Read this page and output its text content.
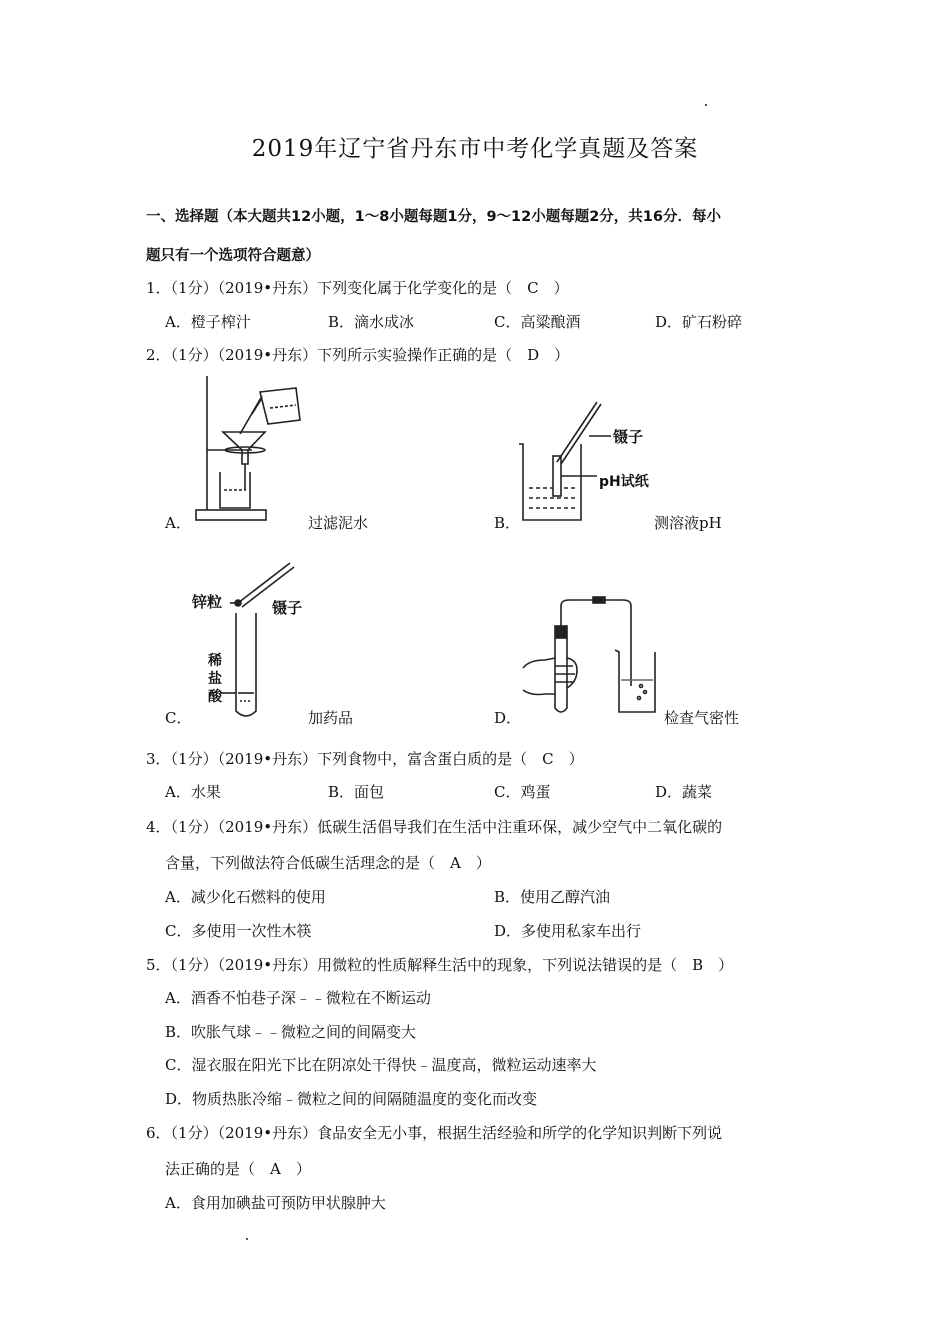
2019年辽宁省丹东市中考化学真题及答案
一、选择题（本大题共12小题，1～8小题每题1分，9～12小题每题2分，共16分．每小
题只有一个选项符合题意）
1．（1分）（2019•丹东）下列变化属于化学变化的是（　C　）
A．橙子榨汁	B．滴水成冰	C．高粱酿酒	D．矿石粉碎
2．（1分）（2019•丹东）下列所示实验操作正确的是（　D　）
A．	过滤泥水
镊子
pH试纸
B．	测溶液pH
锌粒	镊子
稀
盐
酸
C．	加药品	D．	检查气密性
3．（1分）（2019•丹东）下列食物中，富含蛋白质的是（　C　）
A．水果	B．面包	C．鸡蛋	D．蔬菜
4．（1分）（2019•丹东）低碳生活倡导我们在生活中注重环保，减少空气中二氧化碳的
含量，下列做法符合低碳生活理念的是（　A　）
A．减少化石燃料的使用	B．使用乙醇汽油
C．多使用一次性木筷	D．多使用私家车出行
5．（1分）（2019•丹东）用微粒的性质解释生活中的现象，下列说法错误的是（　B　）
A．酒香不怕巷子深﹣﹣微粒在不断运动
B．吹胀气球﹣﹣微粒之间的间隔变大
C．湿衣服在阳光下比在阴凉处干得快﹣温度高，微粒运动速率大
D．物质热胀冷缩﹣微粒之间的间隔随温度的变化而改变
6．（1分）（2019•丹东）食品安全无小事，根据生活经验和所学的化学知识判断下列说
法正确的是（　A　）
A．食用加碘盐可预防甲状腺肿大
